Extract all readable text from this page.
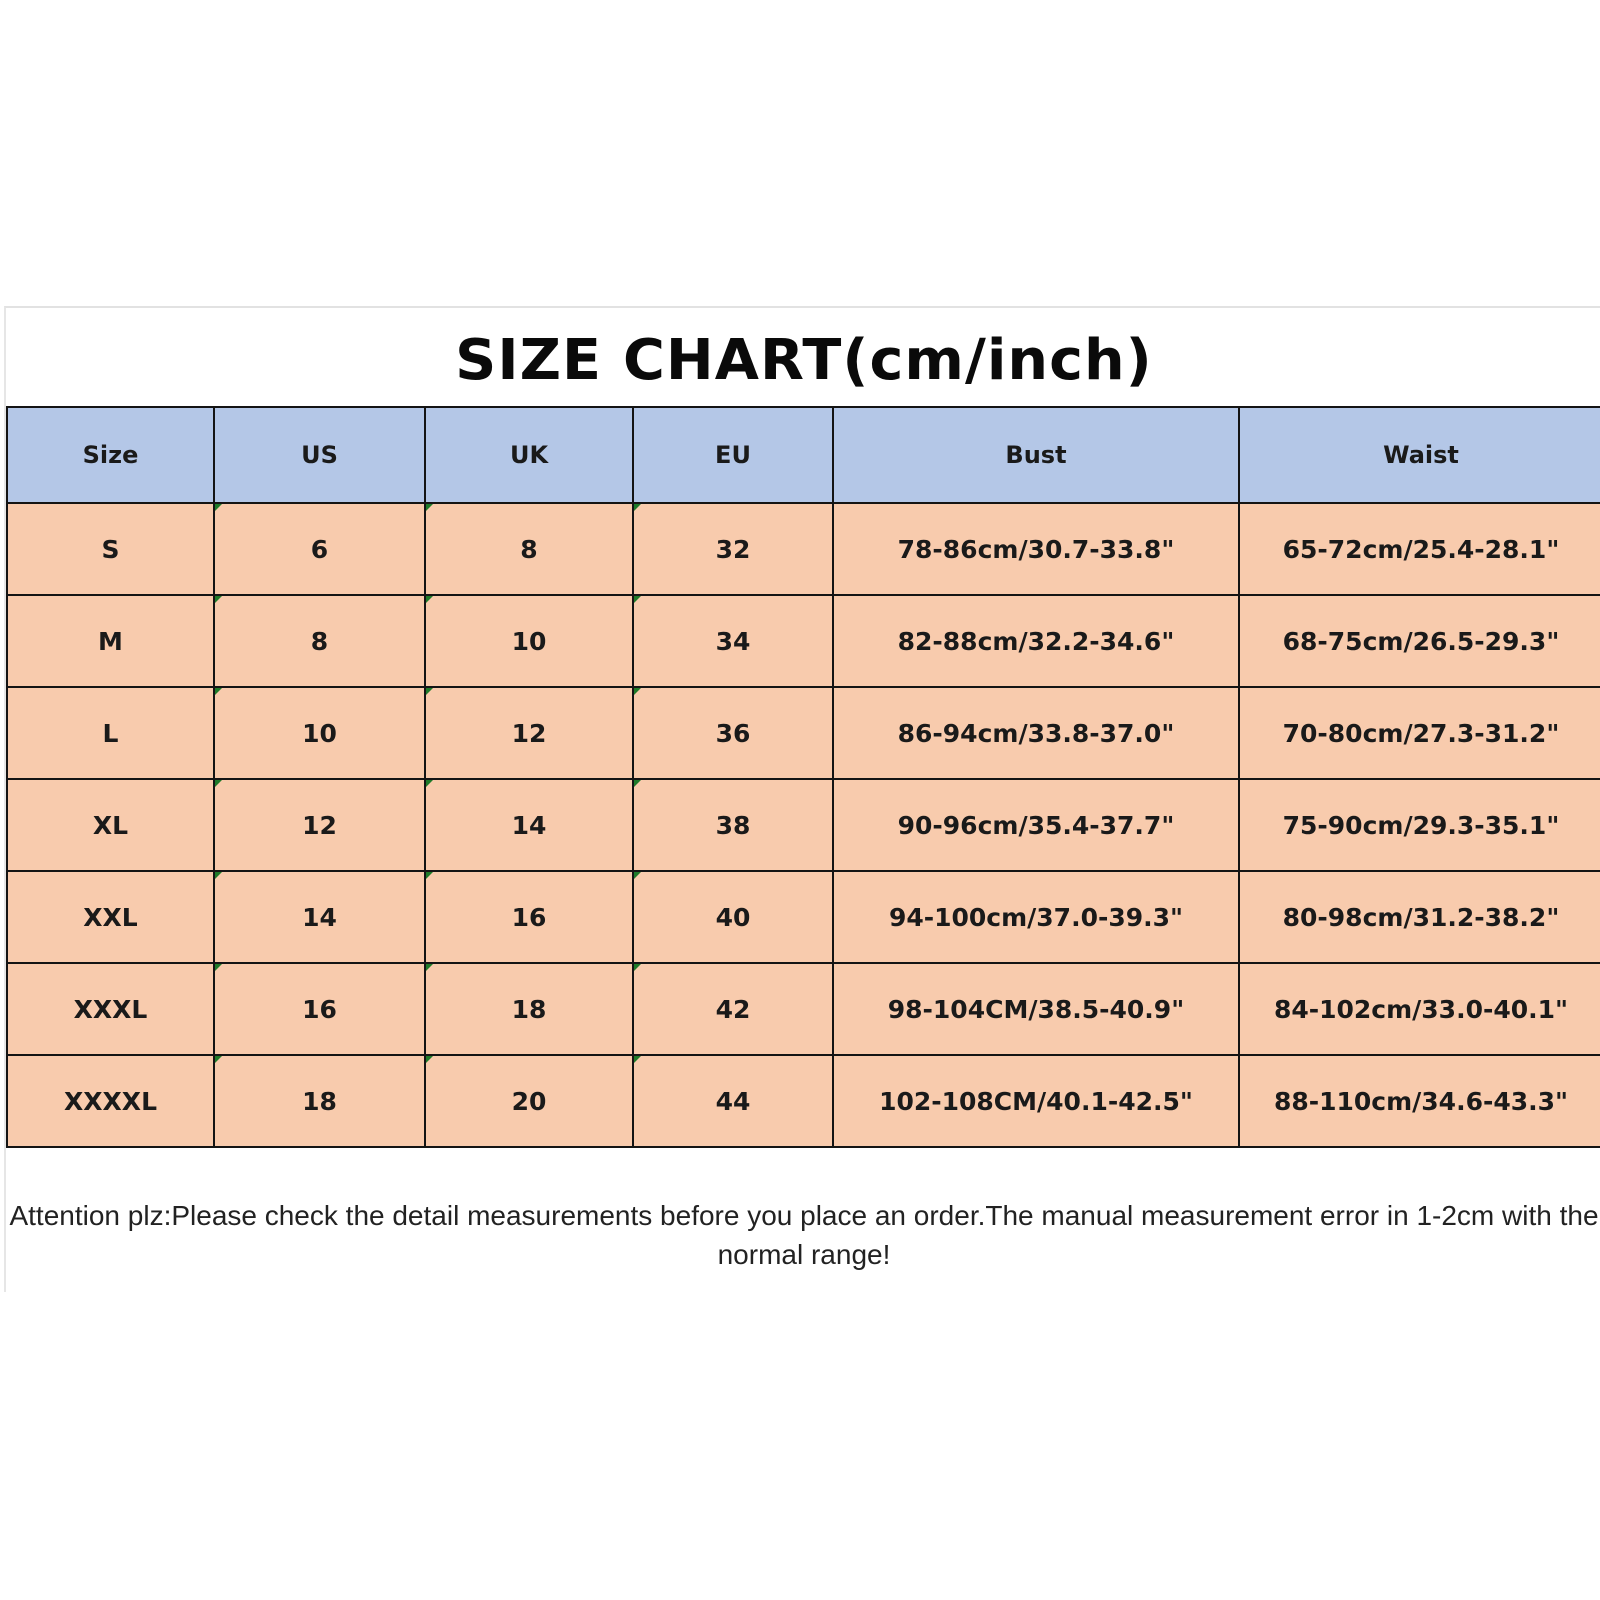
SIZE CHART(cm/inch)
Size	US	UK	EU	Bust	Waist
S	6	8	32	78-86cm/30.7-33.8"	65-72cm/25.4-28.1"
M	8	10	34	82-88cm/32.2-34.6"	68-75cm/26.5-29.3"
L	10	12	36	86-94cm/33.8-37.0"	70-80cm/27.3-31.2"
XL	12	14	38	90-96cm/35.4-37.7"	75-90cm/29.3-35.1"
XXL	14	16	40	94-100cm/37.0-39.3"	80-98cm/31.2-38.2"
XXXL	16	18	42	98-104CM/38.5-40.9"	84-102cm/33.0-40.1"
XXXXL	18	20	44	102-108CM/40.1-42.5"	88-110cm/34.6-43.3"
Attention plz:Please check the detail measurements before you place an order.The manual measurement error in 1-2cm with the normal range!
